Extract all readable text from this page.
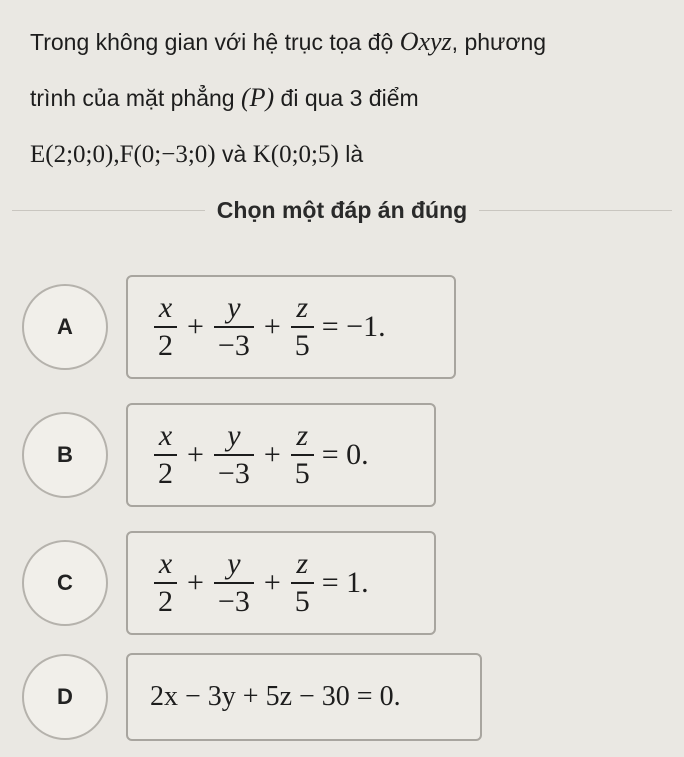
Trong không gian với hệ trục tọa độ Oxyz, phương
trình của mặt phẳng (P) đi qua 3 điểm
E(2;0;0),F(0;−3;0) và K(0;0;5) là
Chọn một đáp án đúng
A	$\frac{x}{2} + \frac{y}{-3} + \frac{z}{5} = -1$.
B	$\frac{x}{2} + \frac{y}{-3} + \frac{z}{5} = 0$.
C	$\frac{x}{2} + \frac{y}{-3} + \frac{z}{5} = 1$.
D	2x − 3y + 5z − 30 = 0.
